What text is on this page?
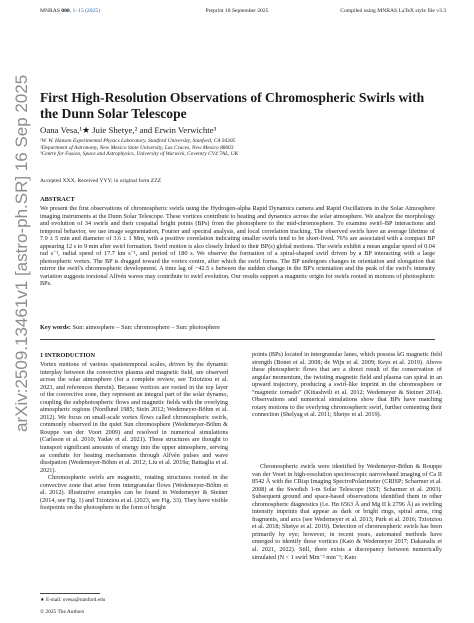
MNRAS 000, 1–15 (2025)	Preprint 18 September 2025	Compiled using MNRAS LaTeX style file v3.3
First High-Resolution Observations of Chromospheric Swirls with the Dunn Solar Telescope
Oana Vesa,¹★ Juie Shetye,² and Erwin Verwichte³
¹W. W. Hansen Experimental Physics Laboratory, Stanford University, Stanford, CA 94305
²Department of Astronomy, New Mexico State University, Las Cruces, New Mexico 88003
³Centre for Fusion, Space and Astrophysics, University of Warwick, Coventry CV4 7AL, UK
Accepted XXX. Received YYY; in original form ZZZ
ABSTRACT
We present the first observations of chromospheric swirls using the Hydrogen-alpha Rapid Dynamics camera and Rapid Oscillations in the Solar Atmosphere imaging instruments at the Dunn Solar Telescope. These vortices contribute to heating and dynamics across the solar atmosphere. We analyze the morphology and evolution of 34 swirls and their cospatial bright points (BPs) from the photosphere to the mid-chromosphere. To examine swirl–BP interactions and temporal behavior, we use image segmentation, Fourier and spectral analysis, and local correlation tracking. The observed swirls have an average lifetime of 7.9 ± 5 min and diameter of 3.6 ± 1 Mm, with a positive correlation indicating smaller swirls tend to be short-lived. 76% are associated with a compact BP appearing 12 s to 9 min after swirl formation. Swirl motion is also closely linked to their BP(s) global motions. The swirls exhibit a mean angular speed of 0.04 rad s⁻¹, radial speed of 17.7 km s⁻¹, and period of 180 s. We observe the formation of a spiral-shaped swirl driven by a BP interacting with a large photospheric vortex. The BP is dragged toward the vortex centre, after which the swirl forms. The BP undergoes changes in orientation and elongation that mirror the swirl's chromospheric development. A time lag of −42.5 s between the sudden change in the BP's orientation and the peak of the swirl's intensity variation suggests torsional Alfvén waves may contribute to swirl evolution. Our results support a magnetic origin for swirls rooted in motions of photospheric BPs.
Key words: Sun: atmosphere – Sun: chromosphere – Sun: photosphere
arXiv:2509.13461v1 [astro-ph.SR] 16 Sep 2025 1 INTRODUCTION

Vortex motions of various spatiotemporal scales, driven by the dynamic interplay between the convective plasma and magnetic field, are observed across the solar atmosphere (for a complete review, see Tziotziou et al. 2023, and references therein). Because vortices are rooted in the top layer of the convective zone, they represent an integral part of the solar dynamo, coupling the subphotospheric flows and magnetic fields with the overlying atmospheric regions (Nordlund 1985; Stein 2012; Wedemeyer-Böhm et al. 2012). We focus on small-scale vortex flows called chromospheric swirls, commonly observed in the quiet Sun chromosphere (Wedemeyer-Böhm & Rouppe van der Voort 2009) and resolved in numerical simulations (Carlsson et al. 2010; Yadav et al. 2021). These structures are thought to transport significant amounts of energy into the upper atmosphere, serving as conduits for heating mechanisms through Alfvén pulses and wave dissipation (Wedemeyer-Böhm et al. 2012; Liu et al. 2019a; Battaglia et al. 2021).

Chromospheric swirls are magnetic, rotating structures rooted in the convective zone that arise from intergranular flows (Wedemeyer-Böhm et al. 2012). Illustrative examples can be found in Wedemeyer & Steiner (2014, see Fig. 1) and Tziotziou et al. (2023, see Fig. 33). They have visible footpoints on the photosphere in the form of bright

points (BPs) located in intergranular lanes, which possess kG magnetic field strength (Bonet et al. 2008; de Wijn et al. 2009; Keys et al. 2019). Above these photospheric flows that are a direct result of the conservation of angular momentum, the twisting magnetic field and plasma can spiral in an upward trajectory, producing a swirl-like imprint in the chromosphere or “magnetic tornado” (Kitiashvili et al. 2012; Wedemeyer & Steiner 2014). Observations and numerical simulations show that BPs have matching rotary motions to the overlying chromospheric swirl, further cementing their connection (Shelyag et al. 2011; Shetye et al. 2019).

Chromospheric swirls were identified by Wedemeyer-Böhm & Rouppe van der Voort in high-resolution spectroscopic narrowband imaging of Ca II 8542 Å with the CRisp Imaging SpectroPolarimeter (CRISP; Scharmer et al. 2008) at the Swedish 1-m Solar Telescope (SST; Scharmer et al. 2003). Subsequent ground and space-based observations identified them in other chromospheric diagnostics (i.e. Hα 6563 Å and Mg II k 2796 Å) as swirling intensity imprints that appear as dark or bright rings, spiral arms, ring fragments, and arcs (see Wedemeyer et al. 2013; Park et al. 2016; Tziotziou et al. 2018; Shetye et al. 2019). Detection of chromospheric swirls has been primarily by eye; however, in recent years, automated methods have emerged to identify these vortices (Kato & Wedemeyer 2017; Dakanalis et al. 2021, 2022). Still, there exists a discrepancy between numerically simulated (N < 1 swirl Mm⁻² min⁻¹; Kato

★ E-mail: ovesa@stanford.edu
© 2025 The Authors
